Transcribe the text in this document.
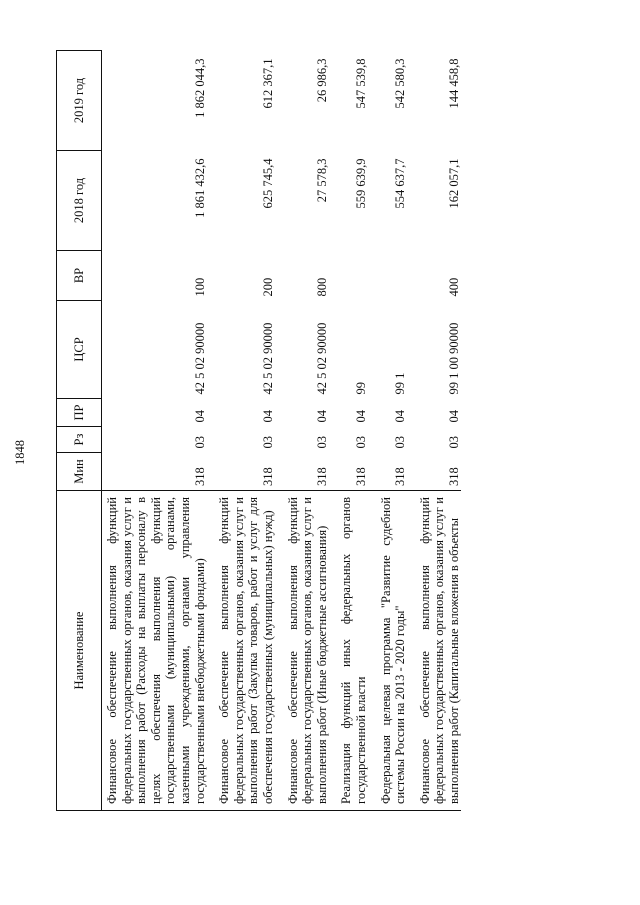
1848
Наименование	Мин	Рз	ПР	ЦСР	ВР	2018 год	2019 год
Финансовое обеспечение выполнения функций федеральных государственных органов, оказания услуг и выполнения работ (Расходы на выплаты персоналу в целях обеспечения выполнения функций государственными (муниципальными) органами, казенными учреждениями, органами управления государственными внебюджетными фондами)	318	03	04	42 5 02 90000	100	1 861 432,6	1 862 044,3
Финансовое обеспечение выполнения функций федеральных государственных органов, оказания услуг и выполнения работ (Закупка товаров, работ и услуг для обеспечения государственных (муниципальных) нужд)	318	03	04	42 5 02 90000	200	625 745,4	612 367,1
Финансовое обеспечение выполнения функций федеральных государственных органов, оказания услуг и выполнения работ (Иные бюджетные ассигнования)	318	03	04	42 5 02 90000	800	27 578,3	26 986,3
Реализация функций иных федеральных органов государственной власти	318	03	04	99		559 639,9	547 539,8
Федеральная целевая программа "Развитие судебной системы России на 2013 - 2020 годы"	318	03	04	99 1		554 637,7	542 580,3
Финансовое обеспечение выполнения функций федеральных государственных органов, оказания услуг и выполнения работ (Капитальные вложения в объекты	318	03	04	99 1 00 90000	400	162 057,1	144 458,8
